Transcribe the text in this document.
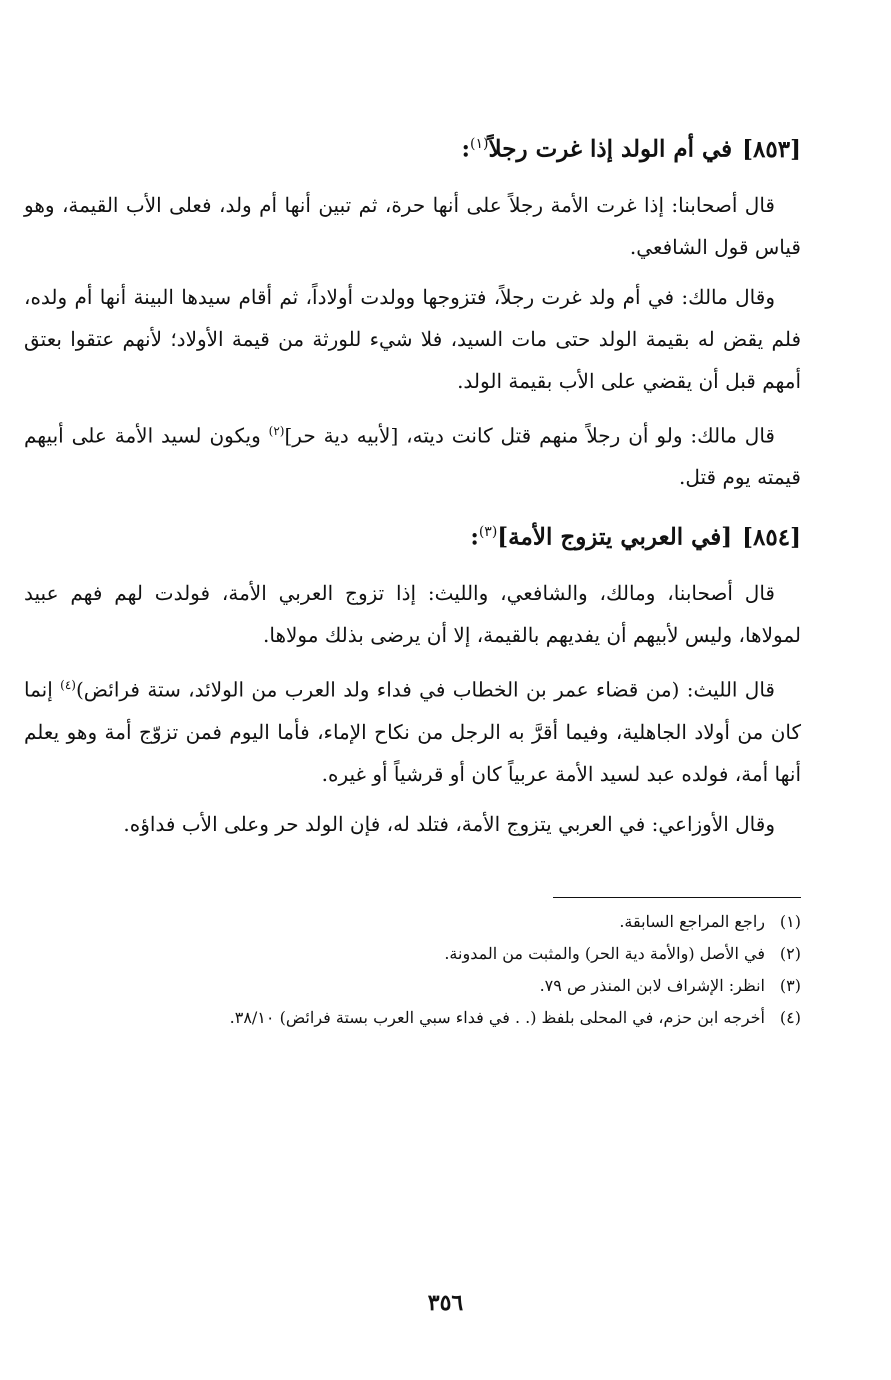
[٨٥٣]في أم الولد إذا غرت رجلاً$^{(١)}$:

قال أصحابنا: إذا غرت الأمة رجلاً على أنها حرة، ثم تبين أنها أم ولد، فعلى الأب القيمة، وهو قياس قول الشافعي.

وقال مالك: في أم ولد غرت رجلاً، فتزوجها وولدت أولاداً، ثم أقام سيدها البينة أنها أم ولده، فلم يقض له بقيمة الولد حتى مات السيد، فلا شيء للورثة من قيمة الأولاد؛ لأنهم عتقوا بعتق أمهم قبل أن يقضي على الأب بقيمة الولد.

قال مالك: ولو أن رجلاً منهم قتل كانت ديته، [لأبيه دية حر]$^{(٢)}$ ويكون لسيد الأمة على أبيهم قيمته يوم قتل.

[٨٥٤][في العربي يتزوج الأمة]$^{(٣)}$:

قال أصحابنا، ومالك، والشافعي، والليث: إذا تزوج العربي الأمة، فولدت لهم فهم عبيد لمولاها، وليس لأبيهم أن يفديهم بالقيمة، إلا أن يرضى بذلك مولاها.

قال الليث: (من قضاء عمر بن الخطاب في فداء ولد العرب من الولائد، ستة فرائض)$^{(٤)}$ إنما كان من أولاد الجاهلية، وفيما أقرَّ به الرجل من نكاح الإماء، فأما اليوم فمن تزوّج أمة وهو يعلم أنها أمة، فولده عبد لسيد الأمة عربياً كان أو قرشياً أو غيره.

وقال الأوزاعي: في العربي يتزوج الأمة، فتلد له، فإن الولد حر وعلى الأب فداؤه.

(١)راجع المراجع السابقة.
(٢)في الأصل (والأمة دية الحر) والمثبت من المدونة.
(٣)انظر: الإشراف لابن المنذر ص ٧٩.
(٤)أخرجه ابن حزم، في المحلى بلفظ (. . في فداء سبي العرب بستة فرائض) ٣٨/١٠.
٣٥٦
